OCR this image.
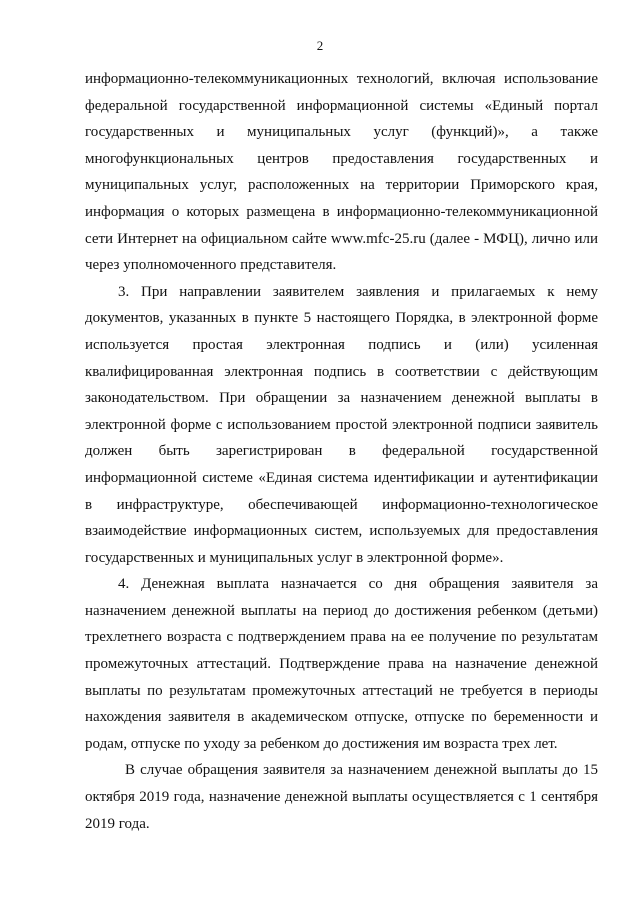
2

информационно-телекоммуникационных технологий, включая использование федеральной государственной информационной системы «Единый портал государственных и муниципальных услуг (функций)», а также многофункциональных центров предоставления государственных и муниципальных услуг, расположенных на территории Приморского края, информация о которых размещена в информационно-телекоммуникационной сети Интернет на официальном сайте www.mfc-25.ru (далее - МФЦ), лично или через уполномоченного представителя.

3. При направлении заявителем заявления и прилагаемых к нему документов, указанных в пункте 5 настоящего Порядка, в электронной форме используется простая электронная подпись и (или) усиленная квалифицированная электронная подпись в соответствии с действующим законодательством. При обращении за назначением денежной выплаты в электронной форме с использованием простой электронной подписи заявитель должен быть зарегистрирован в федеральной государственной информационной системе «Единая система идентификации и аутентификации в инфраструктуре, обеспечивающей информационно-технологическое взаимодействие информационных систем, используемых для предоставления государственных и муниципальных услуг в электронной форме».

4. Денежная выплата назначается со дня обращения заявителя за назначением денежной выплаты на период до достижения ребенком (детьми) трехлетнего возраста с подтверждением права на ее получение по результатам промежуточных аттестаций. Подтверждение права на назначение денежной выплаты по результатам промежуточных аттестаций не требуется в периоды нахождения заявителя в академическом отпуске, отпуске по беременности и родам, отпуске по уходу за ребенком до достижения им возраста трех лет.

В случае обращения заявителя за назначением денежной выплаты до 15 октября 2019 года, назначение денежной выплаты осуществляется с 1 сентября 2019 года.
